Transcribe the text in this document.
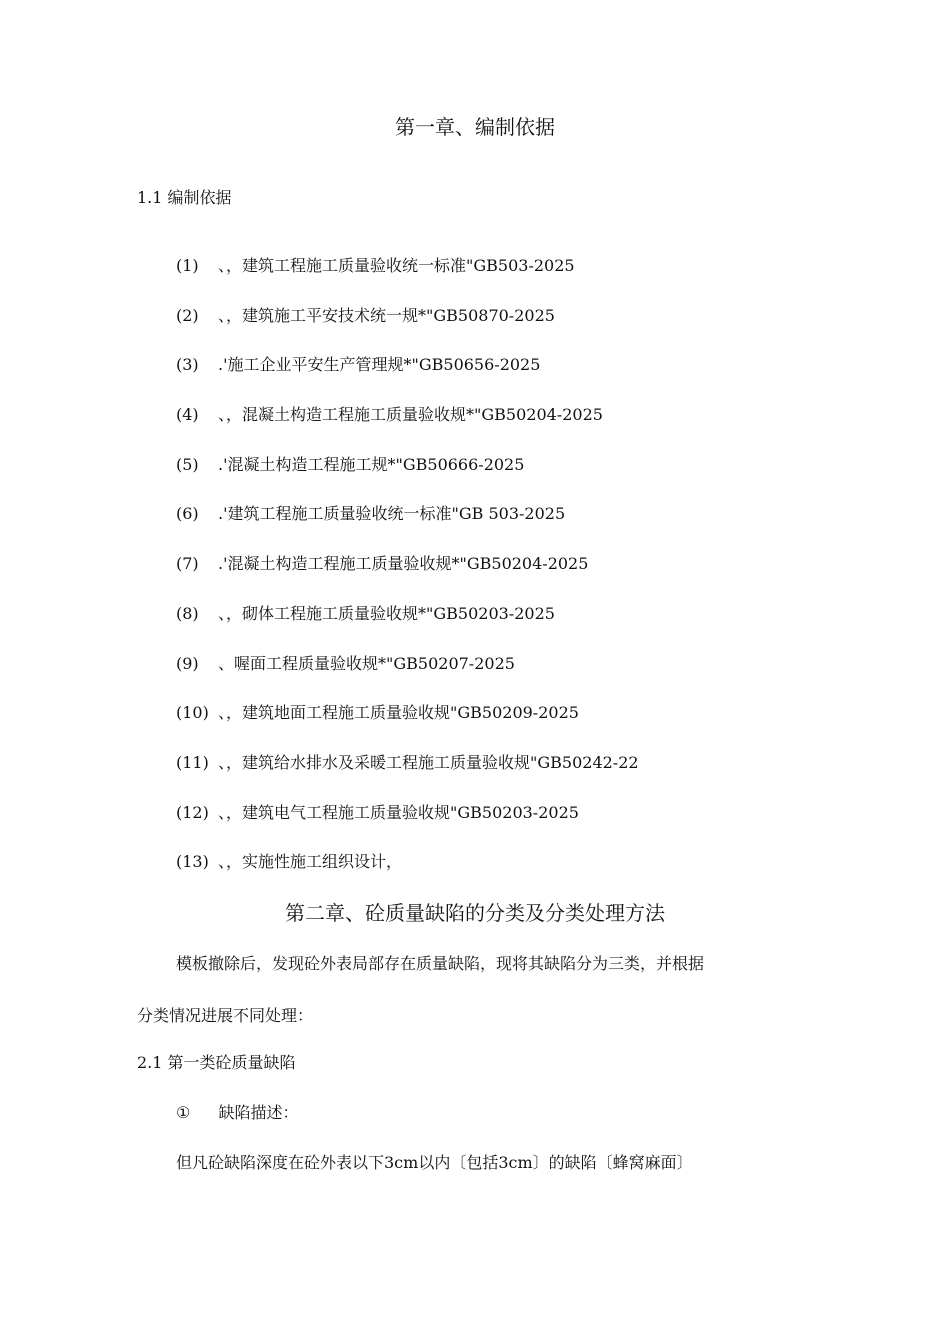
第一章、编制依据
1.1 编制依据
(1) 、，建筑工程施工质量验收统一标准"GB503-2025
(2) 、，建筑施工平安技术统一规*"GB50870-2025
(3) .'施工企业平安生产管理规*"GB50656-2025
(4) 、，混凝土构造工程施工质量验收规*"GB50204-2025
(5) .'混凝土构造工程施工规*"GB50666-2025
(6) .'建筑工程施工质量验收统一标准"GB 503-2025
(7) .'混凝土构造工程施工质量验收规*"GB50204-2025
(8) 、，砌体工程施工质量验收规*"GB50203-2025
(9) 、喔面工程质量验收规*"GB50207-2025
(10) 、，建筑地面工程施工质量验收规"GB50209-2025
(11) 、，建筑给水排水及采暖工程施工质量验收规"GB50242-22
(12) 、，建筑电气工程施工质量验收规"GB50203-2025
(13) 、，实施性施工组织设计，
第二章、砼质量缺陷的分类及分类处理方法
模板撤除后，发现砼外表局部存在质量缺陷，现将其缺陷分为三类，并根据
分类情况进展不同处理：
2.1 第一类砼质量缺陷
① 缺陷描述：
但凡砼缺陷深度在砼外表以下3cm以内〔包括3cm〕的缺陷〔蜂窝麻面〕
